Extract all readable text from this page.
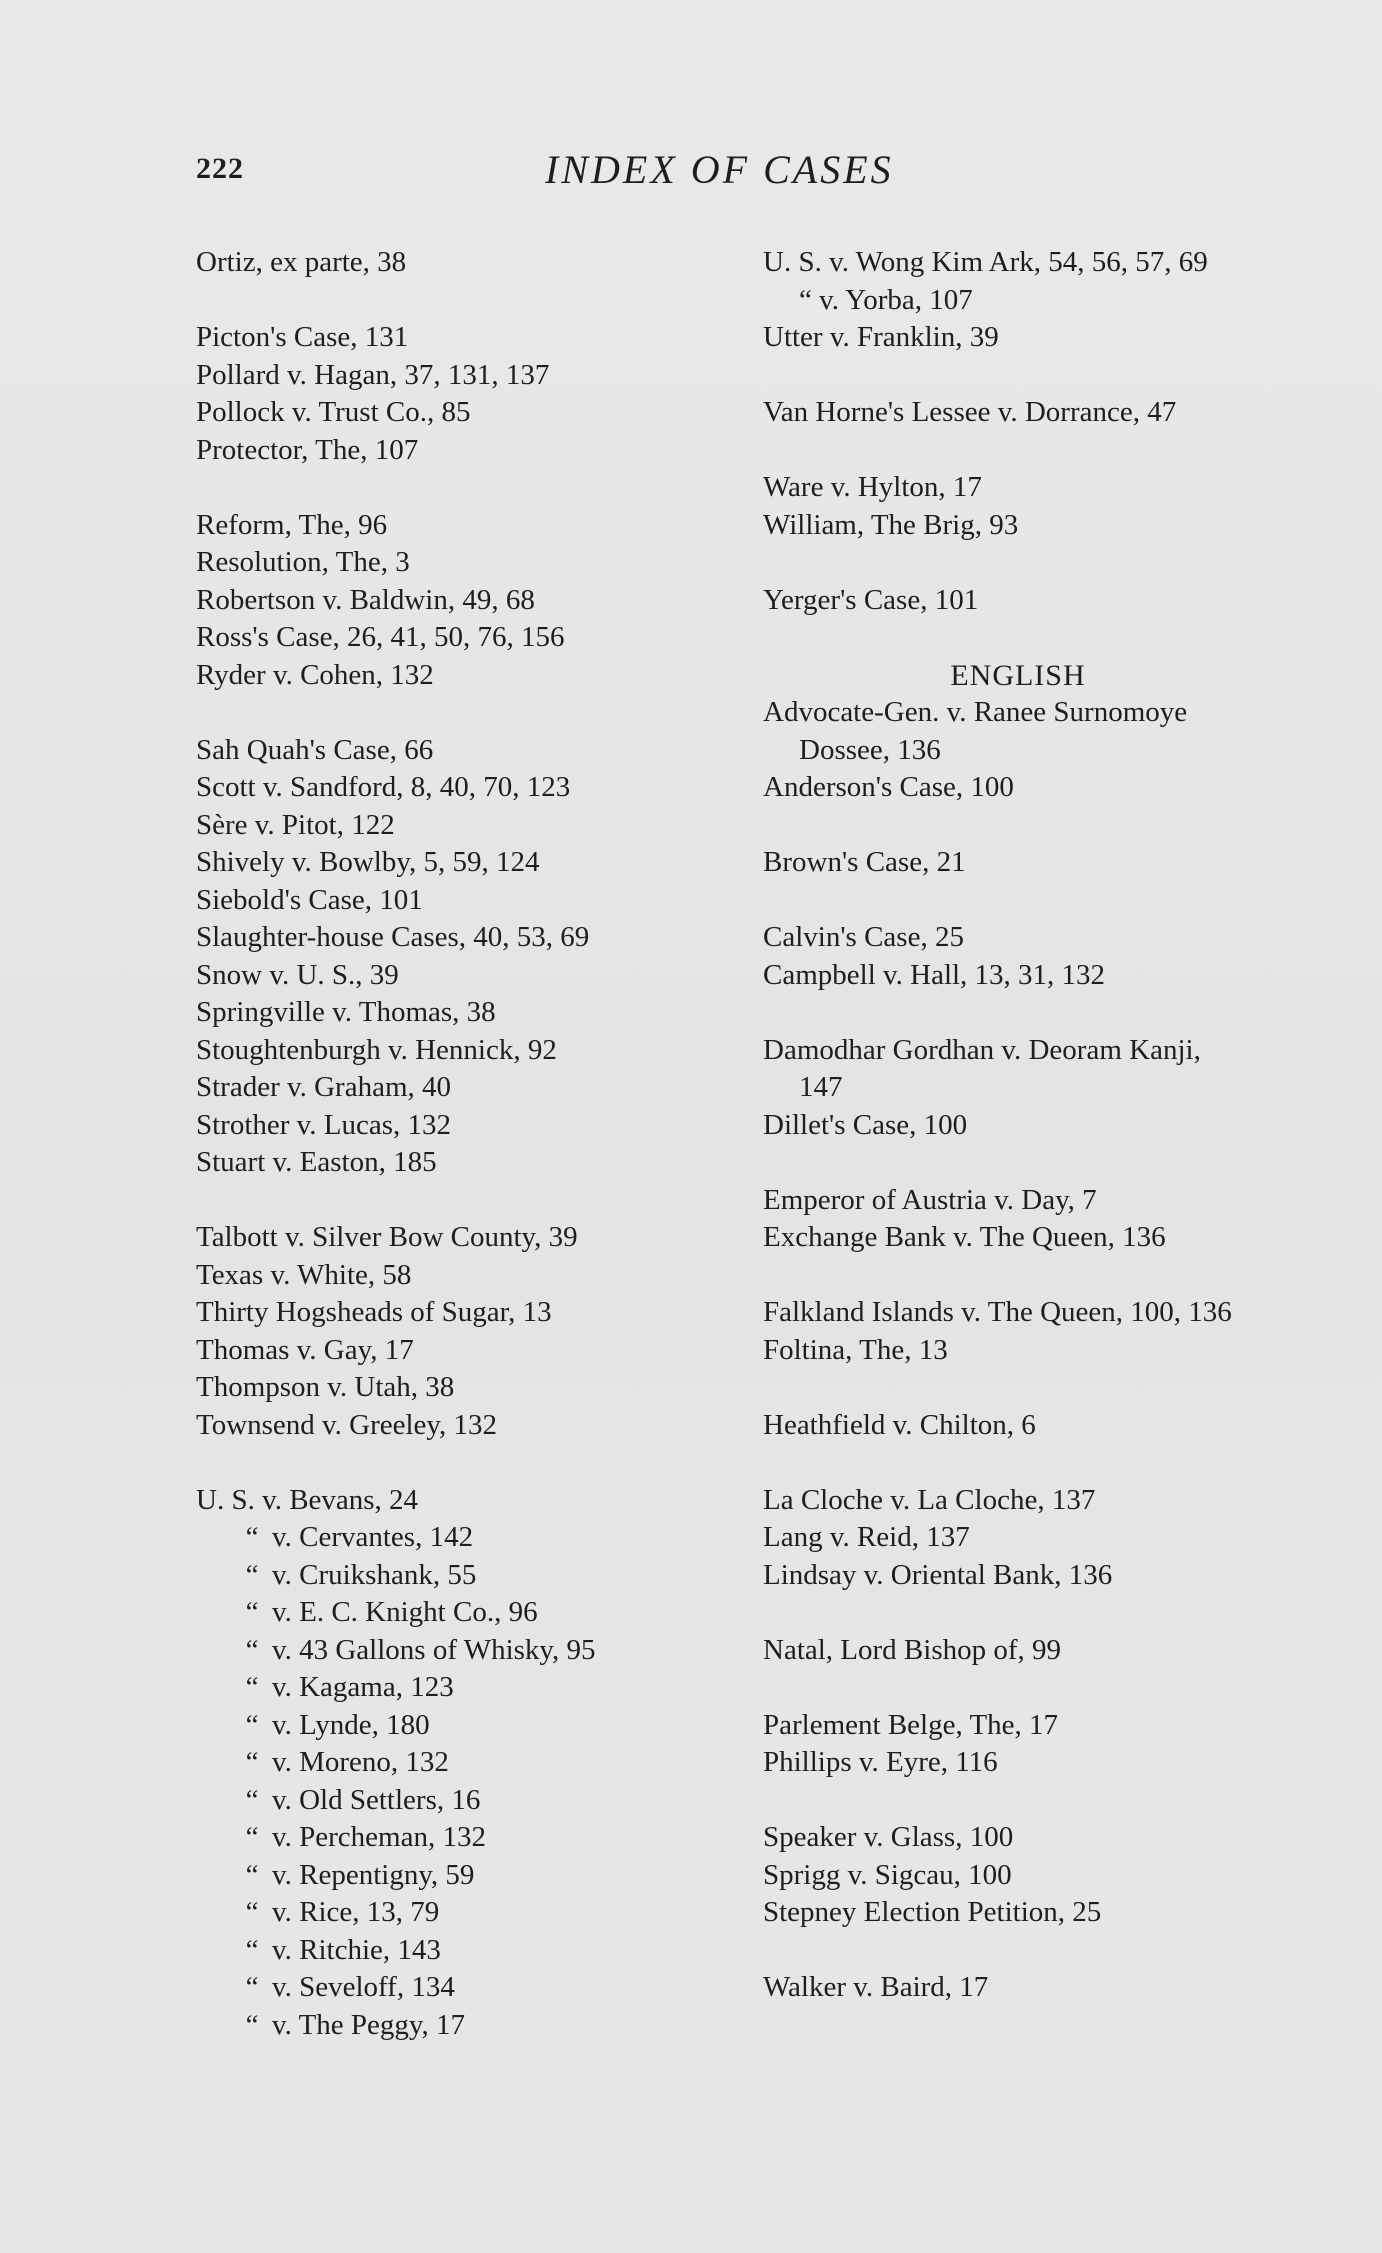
222	INDEX OF CASES
Ortiz, ex parte, 38
Picton's Case, 131
Pollard v. Hagan, 37, 131, 137
Pollock v. Trust Co., 85
Protector, The, 107
Reform, The, 96
Resolution, The, 3
Robertson v. Baldwin, 49, 68
Ross's Case, 26, 41, 50, 76, 156
Ryder v. Cohen, 132
Sah Quah's Case, 66
Scott v. Sandford, 8, 40, 70, 123
Sère v. Pitot, 122
Shively v. Bowlby, 5, 59, 124
Siebold's Case, 101
Slaughter-house Cases, 40, 53, 69
Snow v. U. S., 39
Springville v. Thomas, 38
Stoughtenburgh v. Hennick, 92
Strader v. Graham, 40
Strother v. Lucas, 132
Stuart v. Easton, 185
Talbott v. Silver Bow County, 39
Texas v. White, 58
Thirty Hogsheads of Sugar, 13
Thomas v. Gay, 17
Thompson v. Utah, 38
Townsend v. Greeley, 132
U. S. v. Bevans, 24
“ v. Cervantes, 142
“ v. Cruikshank, 55
“ v. E. C. Knight Co., 96
“ v. 43 Gallons of Whisky, 95
“ v. Kagama, 123
“ v. Lynde, 180
“ v. Moreno, 132
“ v. Old Settlers, 16
“ v. Percheman, 132
“ v. Repentigny, 59
“ v. Rice, 13, 79
“ v. Ritchie, 143
“ v. Seveloff, 134
“ v. The Peggy, 17
U. S. v. Wong Kim Ark, 54, 56, 57, 69
“ v. Yorba, 107
Utter v. Franklin, 39
Van Horne's Lessee v. Dorrance, 47
Ware v. Hylton, 17
William, The Brig, 93
Yerger's Case, 101
ENGLISH
Advocate-Gen. v. Ranee Surnomoye
Dossee, 136
Anderson's Case, 100
Brown's Case, 21
Calvin's Case, 25
Campbell v. Hall, 13, 31, 132
Damodhar Gordhan v. Deoram Kanji,
147
Dillet's Case, 100
Emperor of Austria v. Day, 7
Exchange Bank v. The Queen, 136
Falkland Islands v. The Queen, 100, 136
Foltina, The, 13
Heathfield v. Chilton, 6
La Cloche v. La Cloche, 137
Lang v. Reid, 137
Lindsay v. Oriental Bank, 136
Natal, Lord Bishop of, 99
Parlement Belge, The, 17
Phillips v. Eyre, 116
Speaker v. Glass, 100
Sprigg v. Sigcau, 100
Stepney Election Petition, 25
Walker v. Baird, 17
